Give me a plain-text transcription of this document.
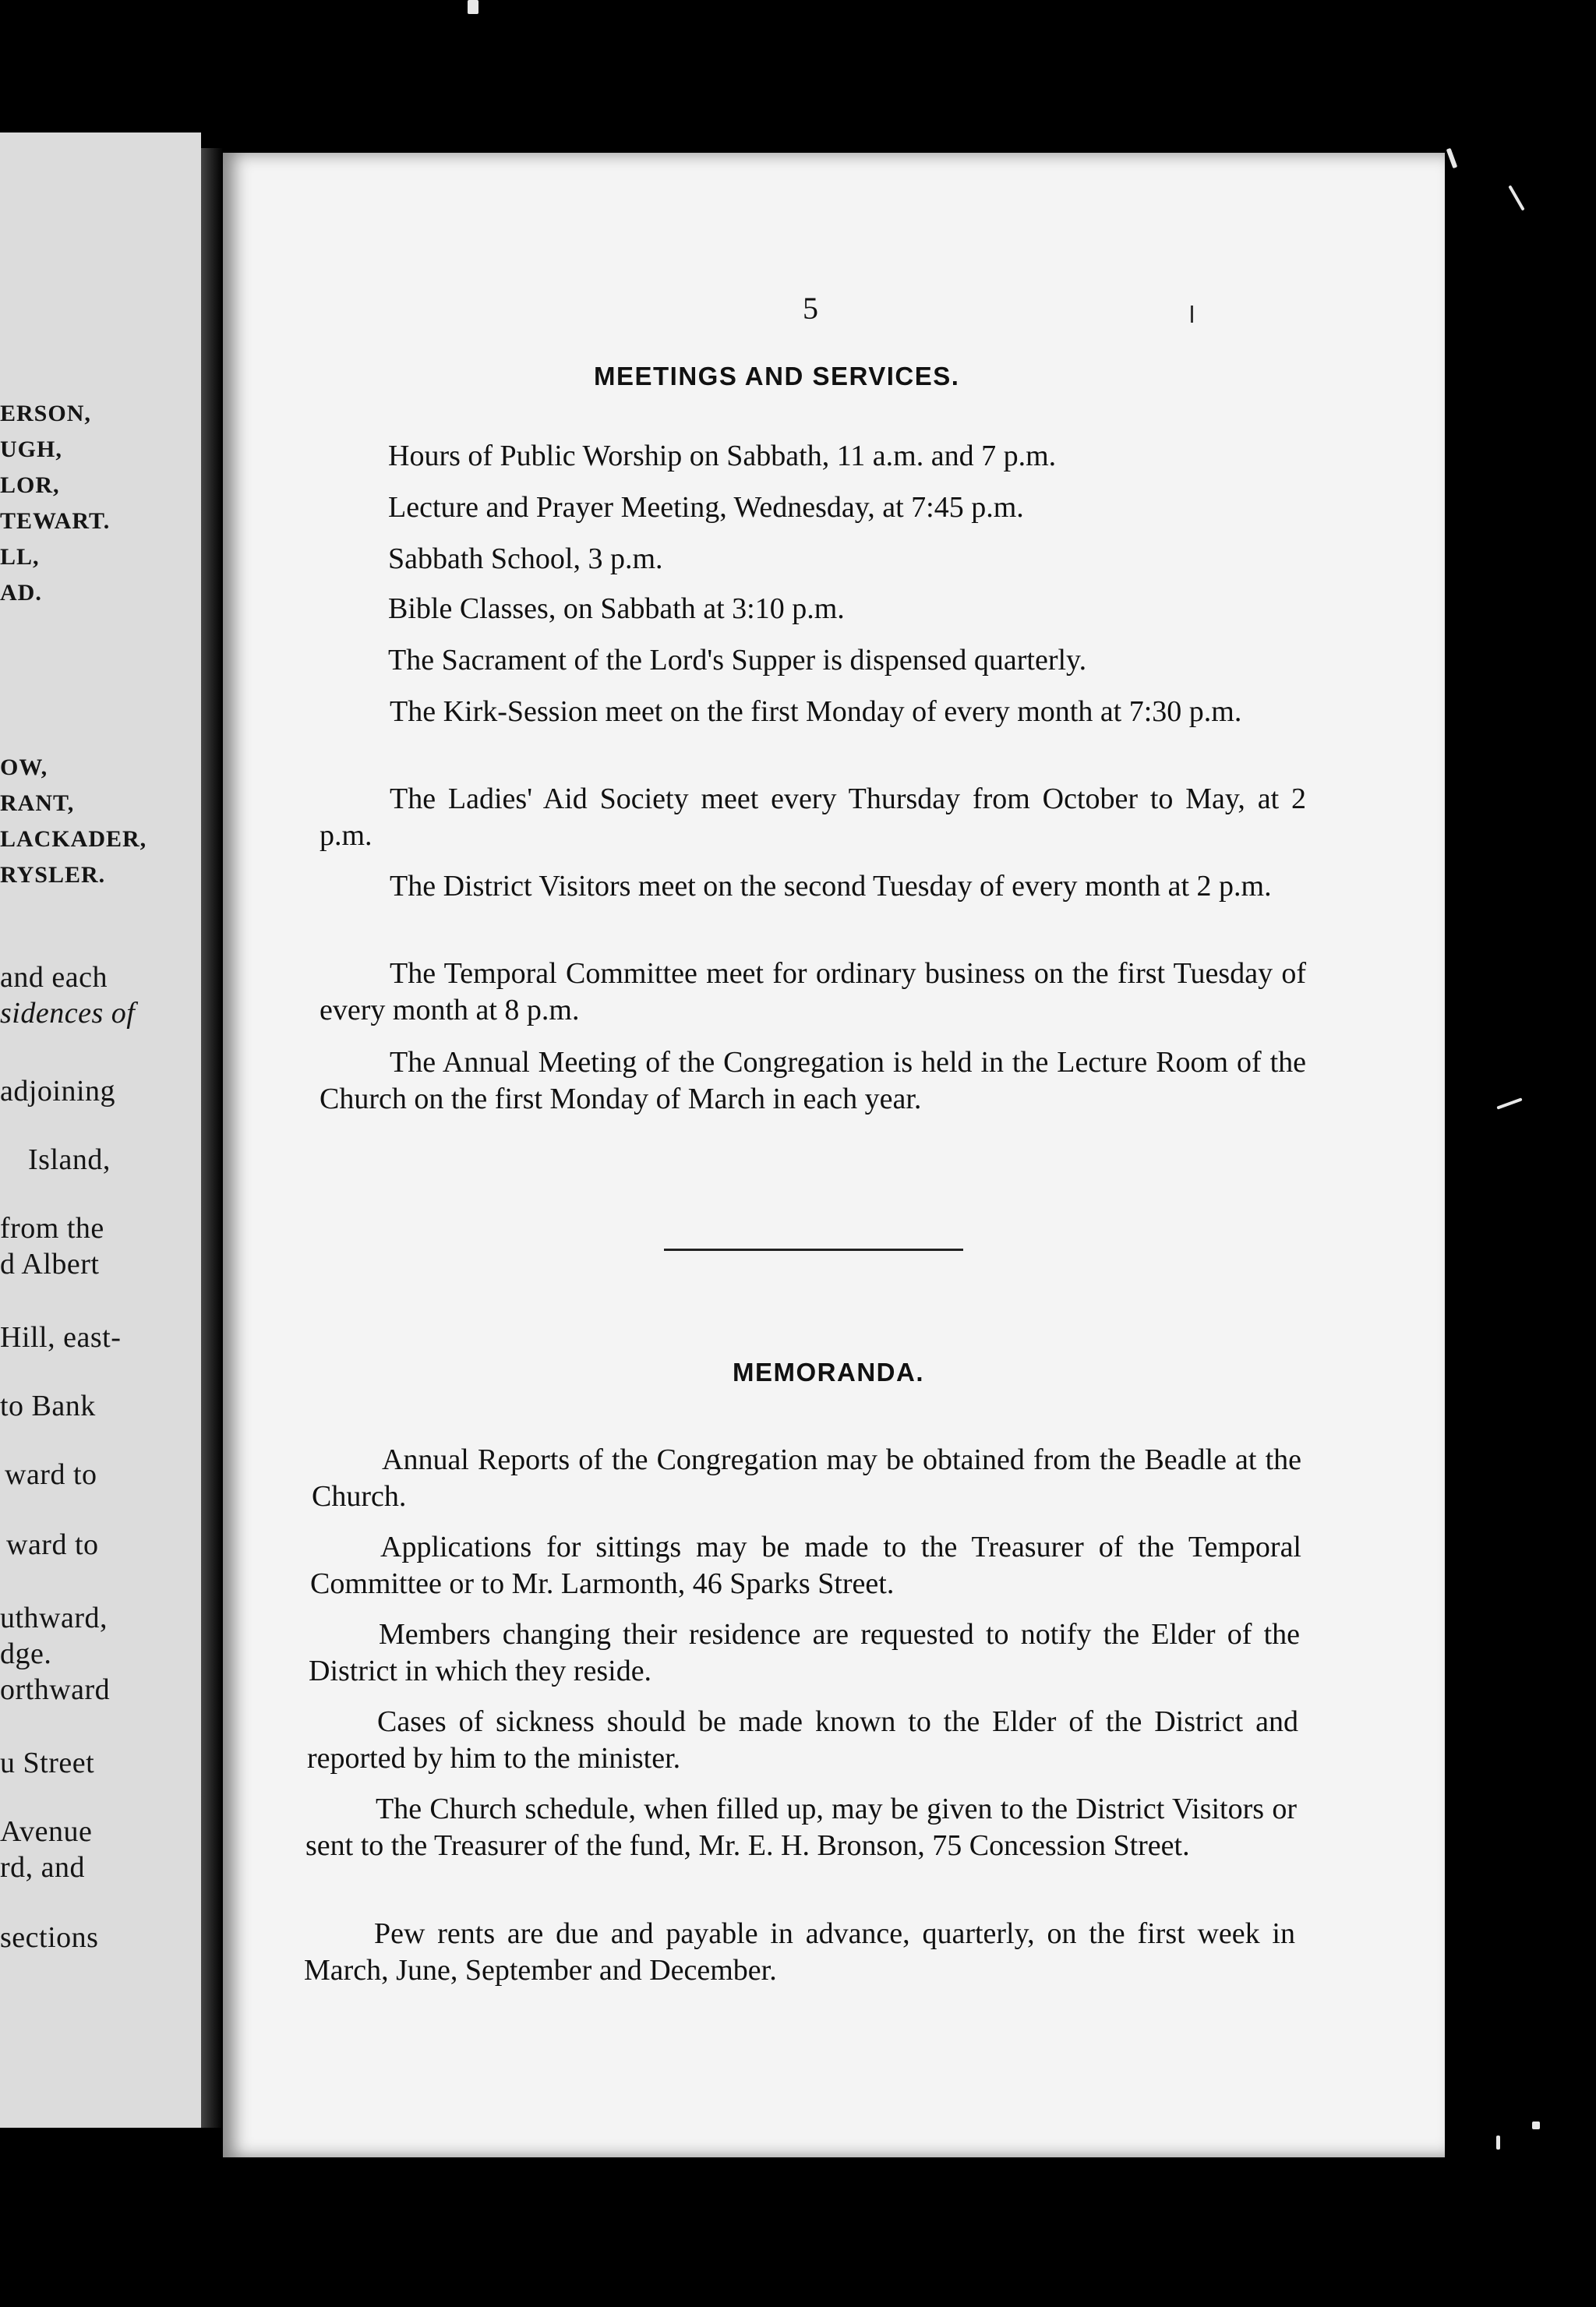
ERSON,
UGH,
LOR,
TEWART.
LL,
AD.
OW,
RANT,
LACKADER,
RYSLER.
and each
sidences of
adjoining
Island,
from the
d Albert
Hill, east-
to Bank
ward to
ward to
uthward,
dge.
orthward
u Street
Avenue
rd, and
sections
5
MEETINGS AND SERVICES.
Hours of Public Worship on Sabbath, 11 a.m. and 7 p.m.
Lecture and Prayer Meeting, Wednesday, at 7:45 p.m.
Sabbath School, 3 p.m.
Bible Classes, on Sabbath at 3:10 p.m.
The Sacrament of the Lord's Supper is dispensed quarterly.
The Kirk-Session meet on the first Monday of every month at 7:30 p.m.
The Ladies' Aid Society meet every Thursday from October to May, at 2 p.m.
The District Visitors meet on the second Tuesday of every month at 2 p.m.
The Temporal Committee meet for ordinary business on the first Tuesday of every month at 8 p.m.
The Annual Meeting of the Congregation is held in the Lecture Room of the Church on the first Monday of March in each year.
MEMORANDA.
Annual Reports of the Congregation may be obtained from the Beadle at the Church.
Applications for sittings may be made to the Treasurer of the Temporal Committee or to Mr. Larmonth, 46 Sparks Street.
Members changing their residence are requested to notify the Elder of the District in which they reside.
Cases of sickness should be made known to the Elder of the District and reported by him to the minister.
The Church schedule, when filled up, may be given to the District Visitors or sent to the Treasurer of the fund, Mr. E. H. Bronson, 75 Concession Street.
Pew rents are due and payable in advance, quarterly, on the first week in March, June, September and December.
